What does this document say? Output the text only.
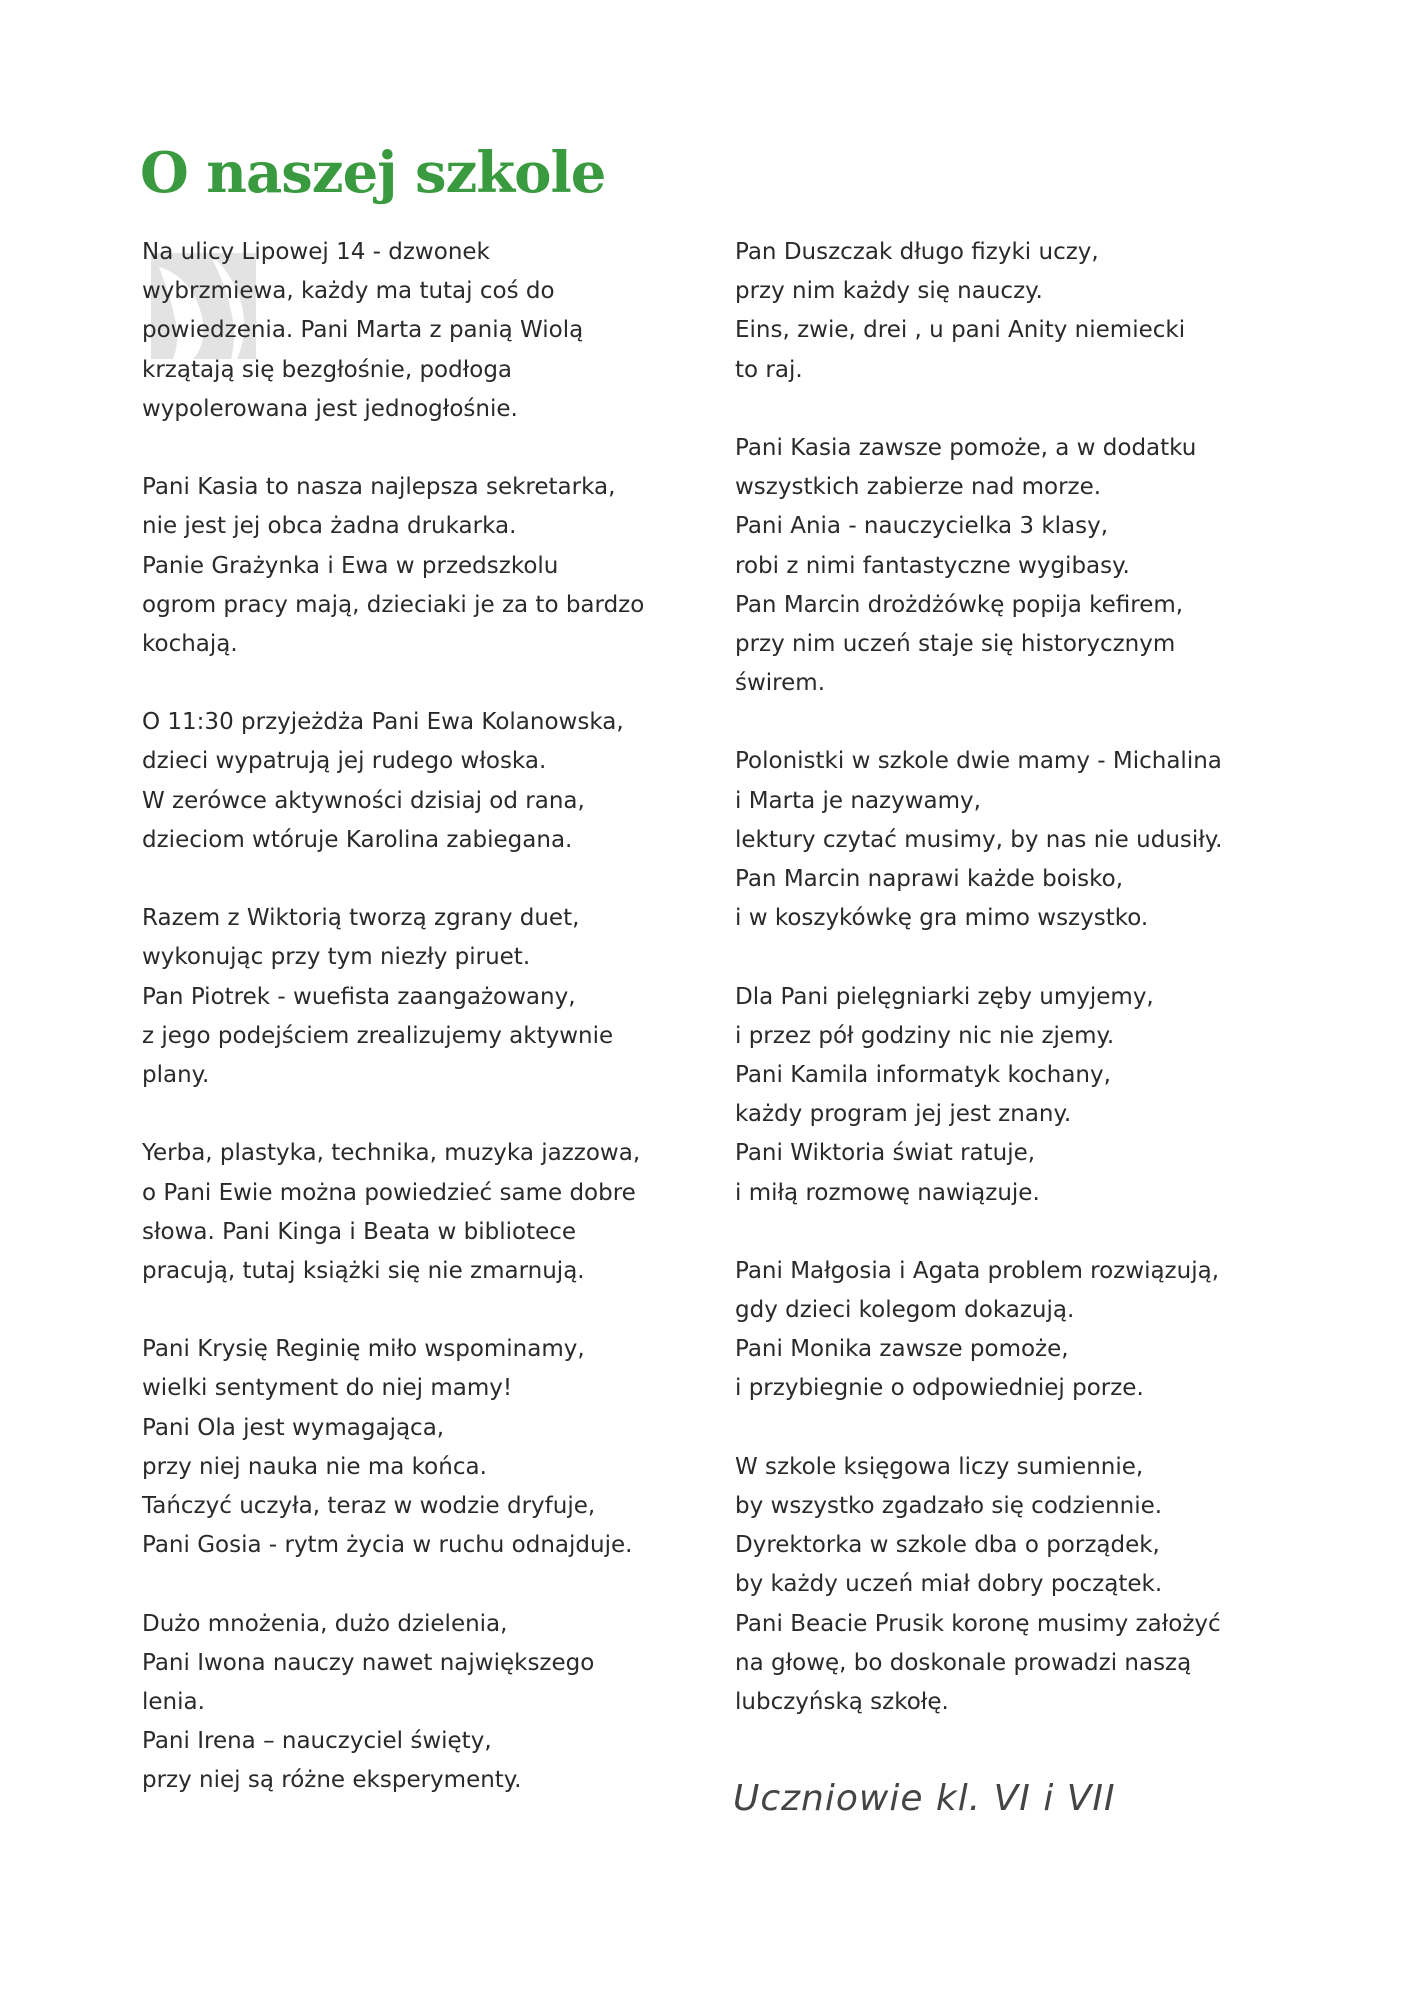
O naszej szkole

Na ulicy Lipowej 14 - dzwonek
wybrzmiewa, każdy ma tutaj coś do
powiedzenia. Pani Marta z panią Wiolą
krzątają się bezgłośnie, podłoga
wypolerowana jest jednogłośnie.

Pani Kasia to nasza najlepsza sekretarka,
nie jest jej obca żadna drukarka.
Panie Grażynka i Ewa w przedszkolu
ogrom pracy mają, dzieciaki je za to bardzo
kochają.

O 11:30 przyjeżdża Pani Ewa Kolanowska,
dzieci wypatrują jej rudego włoska.
W zerówce aktywności dzisiaj od rana,
dzieciom wtóruje Karolina zabiegana.

Razem z Wiktorią tworzą zgrany duet,
wykonując przy tym niezły piruet.
Pan Piotrek - wuefista zaangażowany,
z jego podejściem zrealizujemy aktywnie
plany.

Yerba, plastyka, technika, muzyka jazzowa,
o Pani Ewie można powiedzieć same dobre
słowa. Pani Kinga i Beata w bibliotece
pracują, tutaj książki się nie zmarnują.

Pani Krysię Reginię miło wspominamy,
wielki sentyment do niej mamy!
Pani Ola jest wymagająca,
przy niej nauka nie ma końca.
Tańczyć uczyła, teraz w wodzie dryfuje,
Pani Gosia - rytm życia w ruchu odnajduje.

Dużo mnożenia, dużo dzielenia,
Pani Iwona nauczy nawet największego
lenia.
Pani Irena – nauczyciel święty,
przy niej są różne eksperymenty.

Pan Duszczak długo fizyki uczy,
przy nim każdy się nauczy.
Eins, zwie, drei , u pani Anity niemiecki
to raj.

Pani Kasia zawsze pomoże, a w dodatku
wszystkich zabierze nad morze.
Pani Ania - nauczycielka 3 klasy,
robi z nimi fantastyczne wygibasy.
Pan Marcin drożdżówkę popija kefirem,
przy nim uczeń staje się historycznym
świrem.

Polonistki w szkole dwie mamy - Michalina
i Marta je nazywamy,
lektury czytać musimy, by nas nie udusiły.
Pan Marcin naprawi każde boisko,
i w koszykówkę gra mimo wszystko.

Dla Pani pielęgniarki zęby umyjemy,
i przez pół godziny nic nie zjemy.
Pani Kamila informatyk kochany,
każdy program jej jest znany.
Pani Wiktoria świat ratuje,
i miłą rozmowę nawiązuje.

Pani Małgosia i Agata problem rozwiązują,
gdy dzieci kolegom dokazują.
Pani Monika zawsze pomoże,
i przybiegnie o odpowiedniej porze.

W szkole księgowa liczy sumiennie,
by wszystko zgadzało się codziennie.
Dyrektorka w szkole dba o porządek,
by każdy uczeń miał dobry początek.
Pani Beacie Prusik koronę musimy założyć
na głowę, bo doskonale prowadzi naszą
lubczyńską szkołę.

Uczniowie kl. VI i VII
